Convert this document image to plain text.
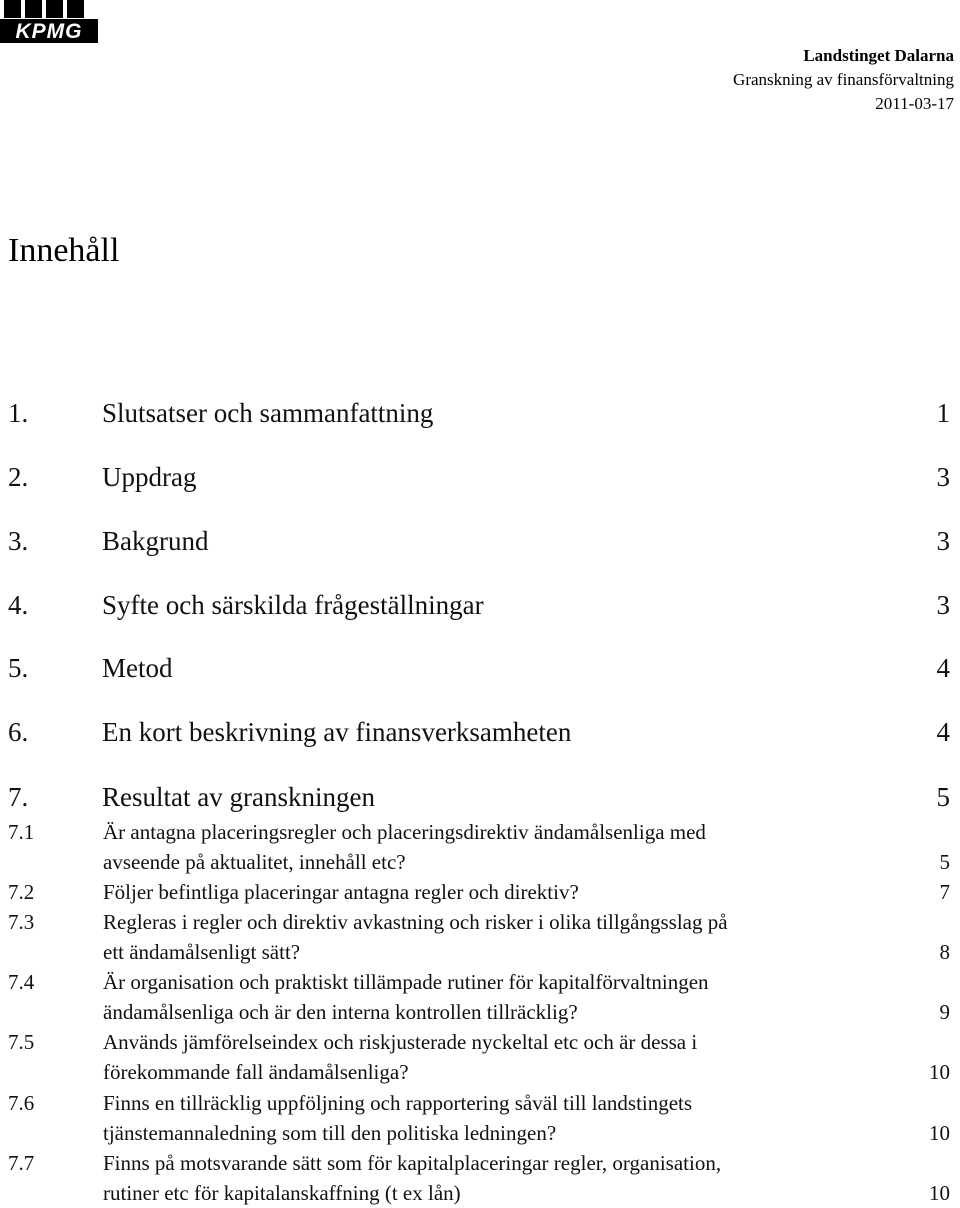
KPMG
Landstinget Dalarna
Granskning av finansförvaltning
2011-03-17
Innehåll
1.	Slutsatser och sammanfattning	1
2.	Uppdrag	3
3.	Bakgrund	3
4.	Syfte och särskilda frågeställningar	3
5.	Metod	4
6.	En kort beskrivning av finansverksamheten	4
7.	Resultat av granskningen	5
7.1	Är antagna placeringsregler och placeringsdirektiv ändamålsenliga med
avseende på aktualitet, innehåll etc?	5
7.2	Följer befintliga placeringar antagna regler och direktiv?	7
7.3	Regleras i regler och direktiv avkastning och risker i olika tillgångsslag på
ett ändamålsenligt sätt?	8
7.4	Är organisation och praktiskt tillämpade rutiner för kapitalförvaltningen
ändamålsenliga och är den interna kontrollen tillräcklig?	9
7.5	Används jämförelseindex och riskjusterade nyckeltal etc och är dessa i
förekommande fall ändamålsenliga?	10
7.6	Finns en tillräcklig uppföljning och rapportering såväl till landstingets
tjänstemannaledning som till den politiska ledningen?	10
7.7	Finns på motsvarande sätt som för kapitalplaceringar regler, organisation,
rutiner etc för kapitalanskaffning (t ex lån)	10
